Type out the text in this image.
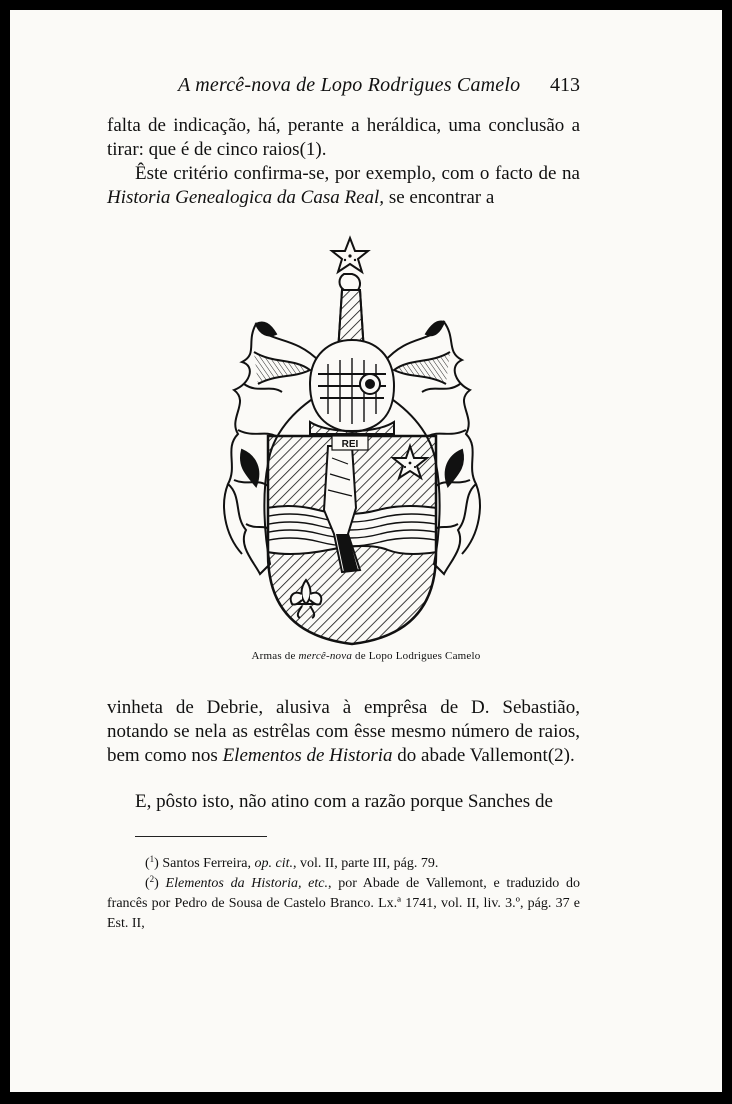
A mercê-nova de Lopo Rodrigues Camelo 413

falta de indicação, há, perante a heráldica, uma conclusão a tirar: que é de cinco raios(1).

Êste critério confirma-se, por exemplo, com o facto de na Historia Genealogica da Casa Real, se encontrar a

REI
Armas de mercê-nova de Lopo Lodrigues Camelo

vinheta de Debrie, alusiva à emprêsa de D. Sebastião, notando se nela as estrêlas com êsse mesmo número de raios, bem como nos Elementos de Historia do abade Vallemont(2).

E, pôsto isto, não atino com a razão porque Sanches de

($^1$) Santos Ferreira, op. cit., vol. II, parte III, pág. 79.

($^2$) Elementos da Historia, etc., por Abade de Vallemont, e traduzido do francês por Pedro de Sousa de Castelo Branco. Lx.ª 1741, vol. II, liv. 3.º, pág. 37 e Est. II,
